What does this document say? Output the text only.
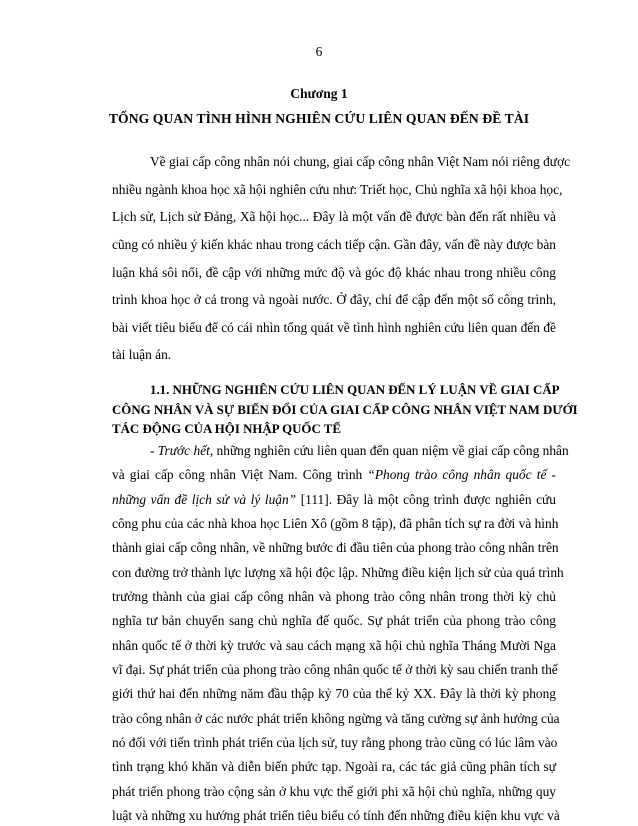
6
Chương 1
TỔNG QUAN TÌNH HÌNH NGHIÊN CỨU LIÊN QUAN ĐẾN ĐỀ TÀI
Về giai cấp công nhân nói chung, giai cấp công nhân Việt Nam nói riêng được
nhiều ngành khoa học xã hội nghiên cứu như: Triết học, Chủ nghĩa xã hội khoa học,
Lịch sử, Lịch sử Đảng, Xã hội học... Đây là một vấn đề được bàn đến rất nhiều và
cũng có nhiều ý kiến khác nhau trong cách tiếp cận. Gần đây, vấn đề này được bàn
luận khá sôi nổi, đề cập với những mức độ và góc độ khác nhau trong nhiều công
trình khoa học ở cả trong và ngoài nước. Ở đây, chỉ để cập đến một số công trình,
bài viết tiêu biểu để có cái nhìn tổng quát về tình hình nghiên cứu liên quan đến đề
tài luận án.
1.1. NHỮNG NGHIÊN CỨU LIÊN QUAN ĐẾN LÝ LUẬN VỀ GIAI CẤP
CÔNG NHÂN VÀ SỰ BIẾN ĐỔI CỦA GIAI CẤP CÔNG NHÂN VIỆT NAM DƯỚI
TÁC ĐỘNG CỦA HỘI NHẬP QUỐC TẾ
- Trước hết, những nghiên cứu liên quan đến quan niệm về giai cấp công nhân
và giai cấp công nhân Việt Nam. Công trình “Phong trào công nhân quốc tế -
những vấn đề lịch sử và lý luận” [111]. Đây là một công trình được nghiên cứu
công phu của các nhà khoa học Liên Xô (gồm 8 tập), đã phân tích sự ra đời và hình
thành giai cấp công nhân, về những bước đi đầu tiên của phong trào công nhân trên
con đường trở thành lực lượng xã hội độc lập. Những điều kiện lịch sử của quá trình
trưởng thành của giai cấp công nhân và phong trào công nhân trong thời kỳ chủ
nghĩa tư bản chuyển sang chủ nghĩa đế quốc. Sự phát triển của phong trào công
nhân quốc tế ở thời kỳ trước và sau cách mạng xã hội chủ nghĩa Tháng Mười Nga
vĩ đại. Sự phát triển của phong trào công nhân quốc tế ở thời kỳ sau chiến tranh thế
giới thứ hai đến những năm đầu thập kỷ 70 của thế kỷ XX. Đây là thời kỳ phong
trào công nhân ở các nước phát triển không ngừng và tăng cường sự ảnh hưởng của
nó đối với tiến trình phát triển của lịch sử, tuy rằng phong trào cũng có lúc lâm vào
tình trạng khó khăn và diễn biến phức tạp. Ngoài ra, các tác giả cũng phân tích sự
phát triển phong trào cộng sản ở khu vực thế giới phi xã hội chủ nghĩa, những quy
luật và những xu hướng phát triển tiêu biểu có tính đến những điều kiện khu vực và
